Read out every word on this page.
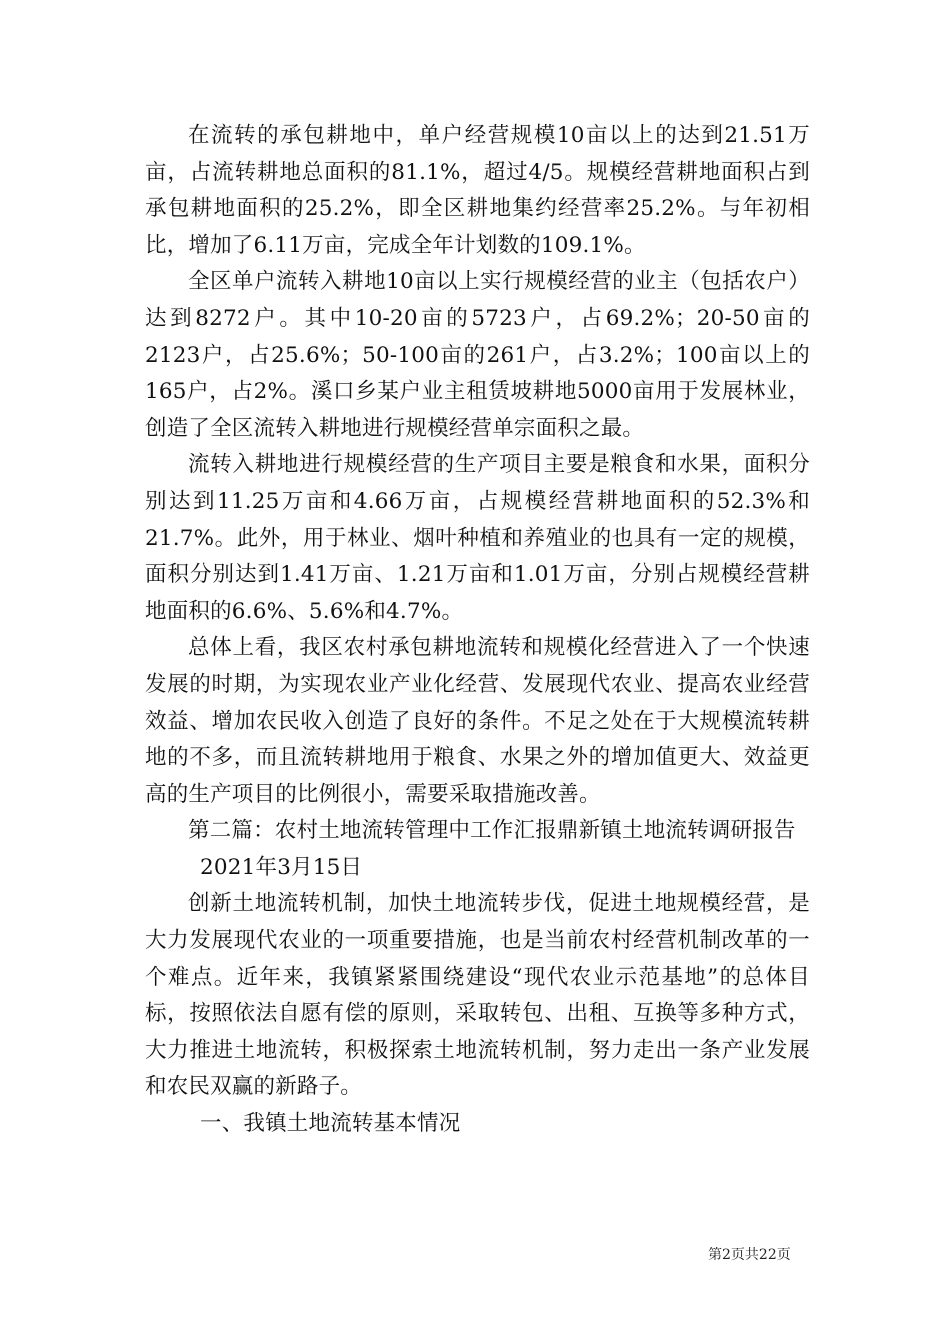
在流转的承包耕地中，单户经营规模10亩以上的达到21.51万亩，占流转耕地总面积的81.1%，超过4/5。规模经营耕地面积占到承包耕地面积的25.2%，即全区耕地集约经营率25.2%。与年初相比，增加了6.11万亩，完成全年计划数的109.1%。

全区单户流转入耕地10亩以上实行规模经营的业主（包括农户）达到8272户。其中10-20亩的5723户，占69.2%；20-50亩的2123户，占25.6%；50-100亩的261户，占3.2%；100亩以上的165户，占2%。溪口乡某户业主租赁坡耕地5000亩用于发展林业，创造了全区流转入耕地进行规模经营单宗面积之最。

流转入耕地进行规模经营的生产项目主要是粮食和水果，面积分别达到11.25万亩和4.66万亩，占规模经营耕地面积的52.3%和21.7%。此外，用于林业、烟叶种植和养殖业的也具有一定的规模，面积分别达到1.41万亩、1.21万亩和1.01万亩，分别占规模经营耕地面积的6.6%、5.6%和4.7%。

总体上看，我区农村承包耕地流转和规模化经营进入了一个快速发展的时期，为实现农业产业化经营、发展现代农业、提高农业经营效益、增加农民收入创造了良好的条件。不足之处在于大规模流转耕地的不多，而且流转耕地用于粮食、水果之外的增加值更大、效益更高的生产项目的比例很小，需要采取措施改善。

第二篇：农村土地流转管理中工作汇报鼎新镇土地流转调研报告

2021年3月15日

创新土地流转机制，加快土地流转步伐，促进土地规模经营，是大力发展现代农业的一项重要措施，也是当前农村经营机制改革的一个难点。近年来，我镇紧紧围绕建设“现代农业示范基地”的总体目标，按照依法自愿有偿的原则，采取转包、出租、互换等多种方式，大力推进土地流转，积极探索土地流转机制，努力走出一条产业发展和农民双赢的新路子。

一、我镇土地流转基本情况

第2页共22页
